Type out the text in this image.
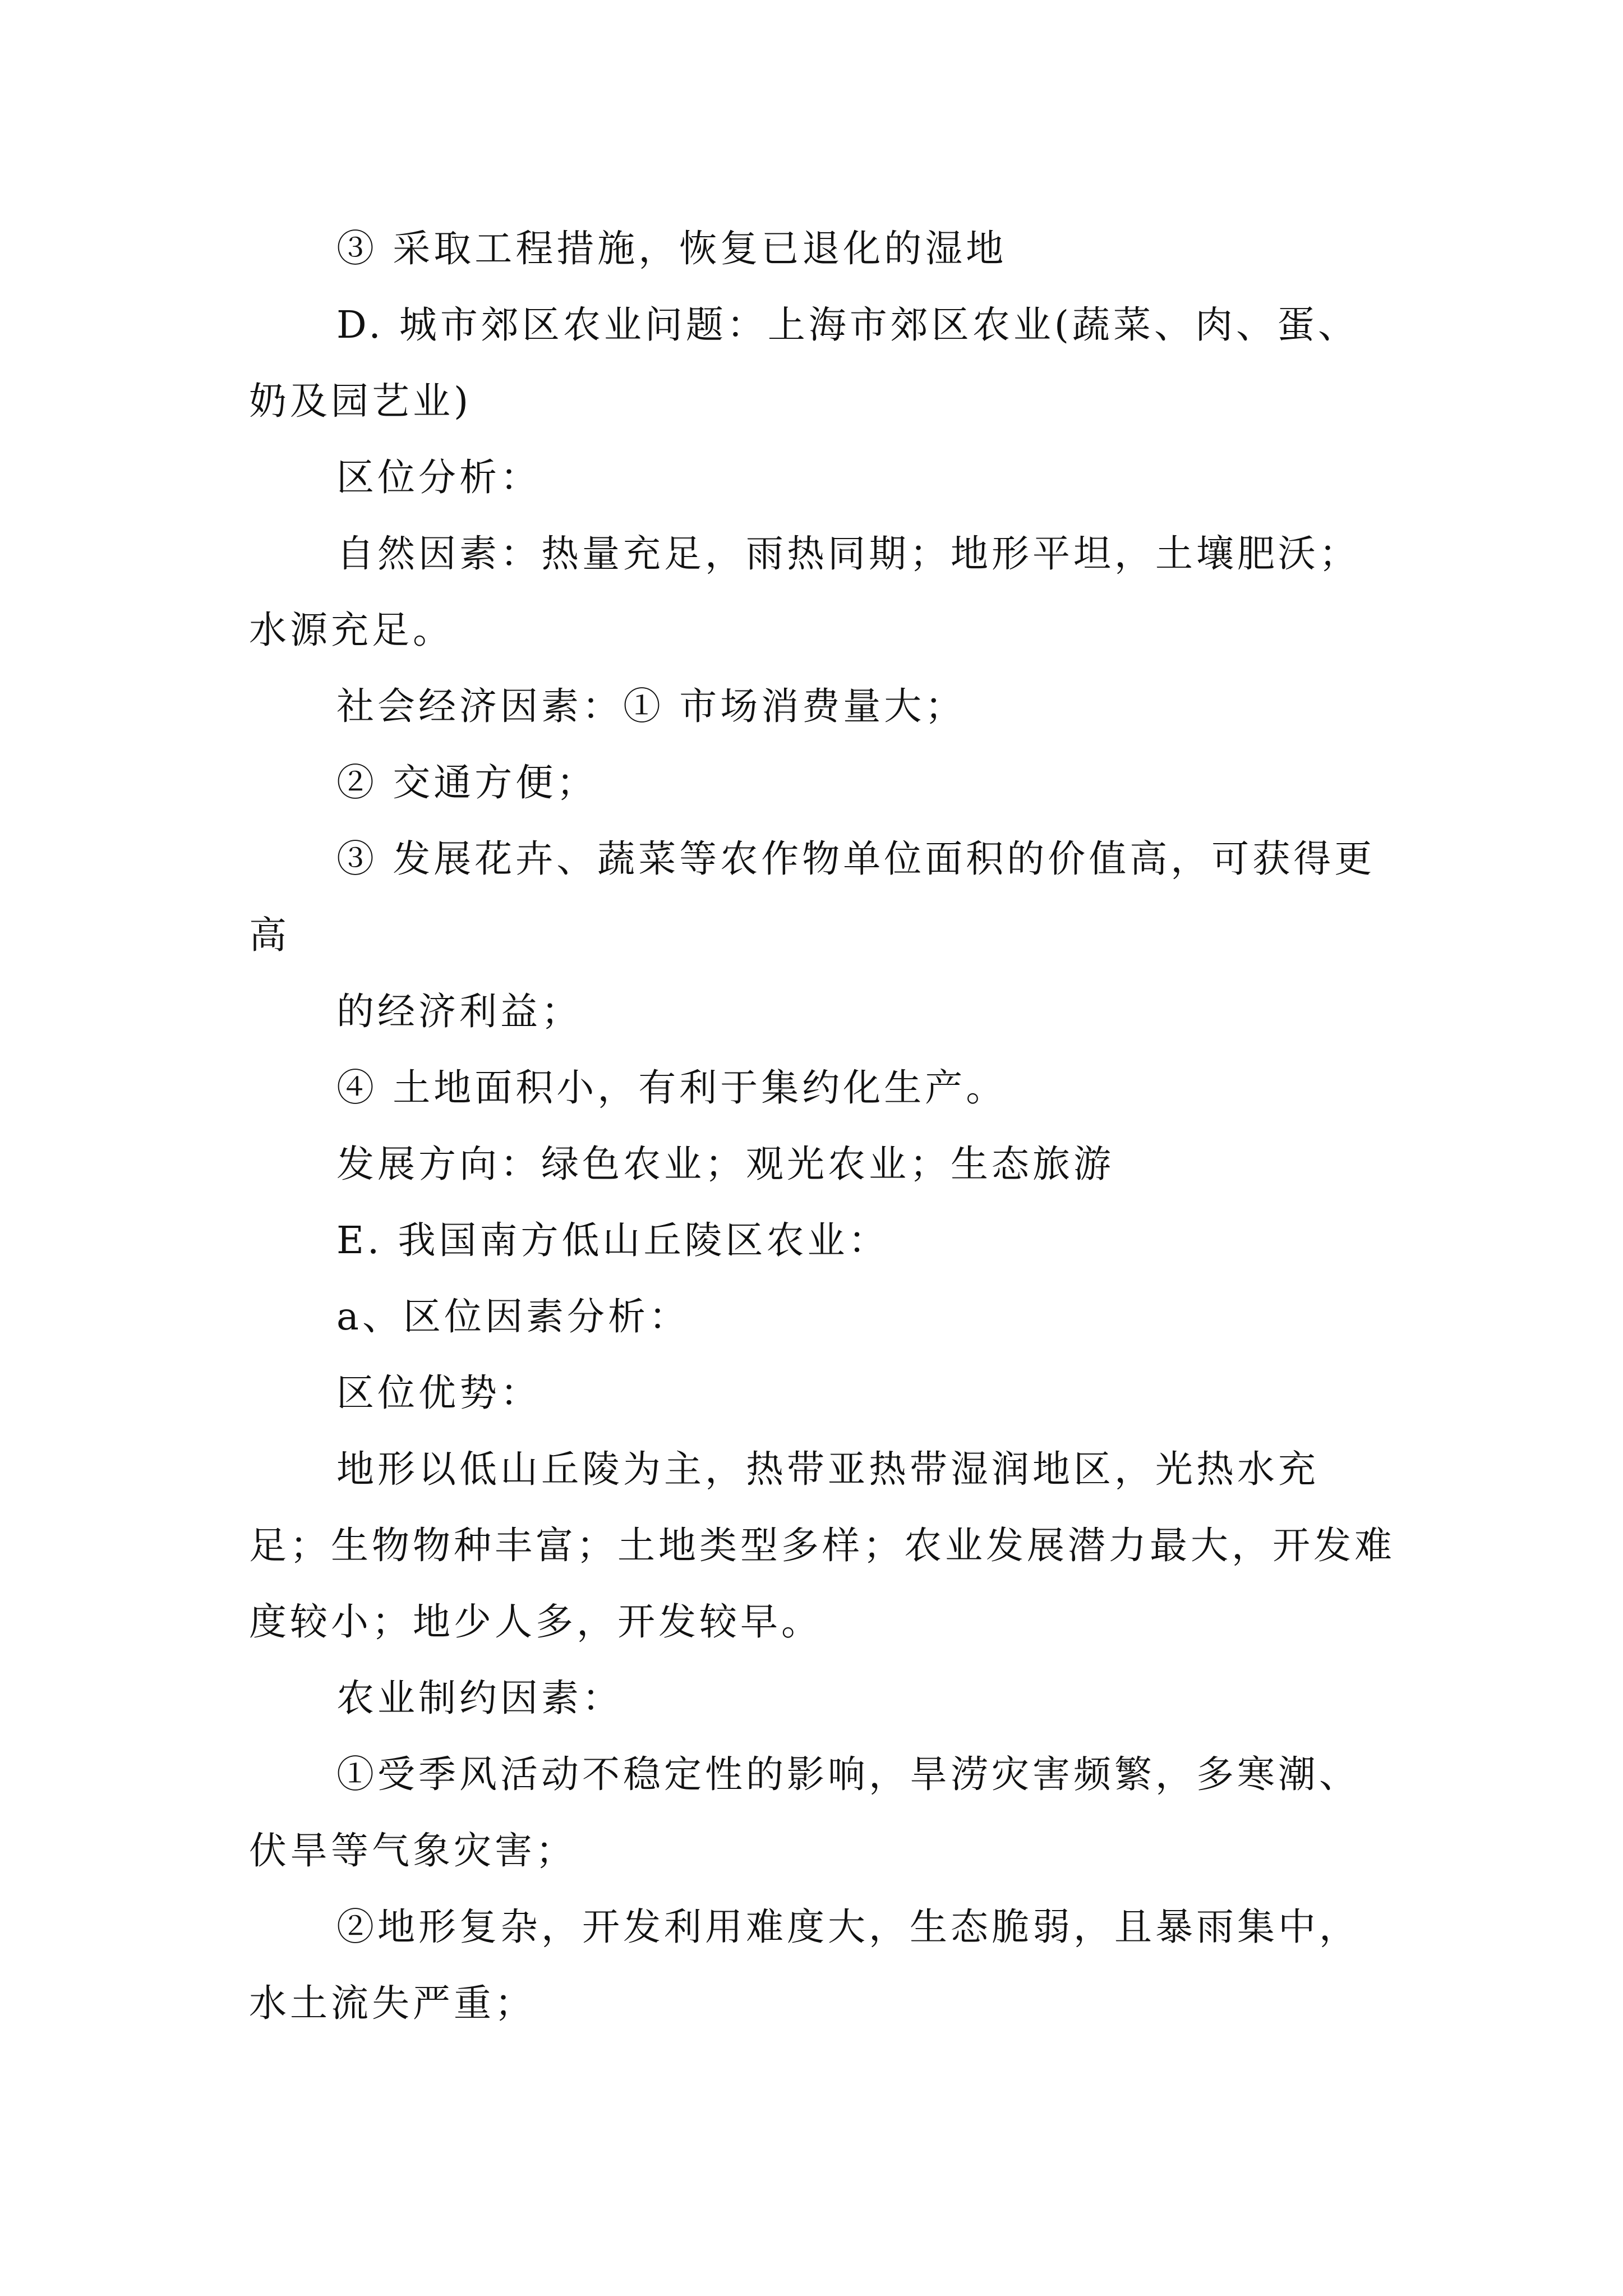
③ 采取工程措施，恢复已退化的湿地

D. 城市郊区农业问题：上海市郊区农业(蔬菜、肉、蛋、奶及园艺业)

区位分析：

自然因素：热量充足，雨热同期；地形平坦，土壤肥沃；水源充足。

社会经济因素：① 市场消费量大；

② 交通方便；

③ 发展花卉、蔬菜等农作物单位面积的价值高，可获得更高

的经济利益；

④ 土地面积小，有利于集约化生产。

发展方向：绿色农业；观光农业；生态旅游

E. 我国南方低山丘陵区农业：

a、区位因素分析：

区位优势：

地形以低山丘陵为主，热带亚热带湿润地区，光热水充足；生物物种丰富；土地类型多样；农业发展潜力最大，开发难度较小；地少人多，开发较早。

农业制约因素：

①受季风活动不稳定性的影响，旱涝灾害频繁，多寒潮、伏旱等气象灾害；

②地形复杂，开发利用难度大，生态脆弱，且暴雨集中，水土流失严重；
